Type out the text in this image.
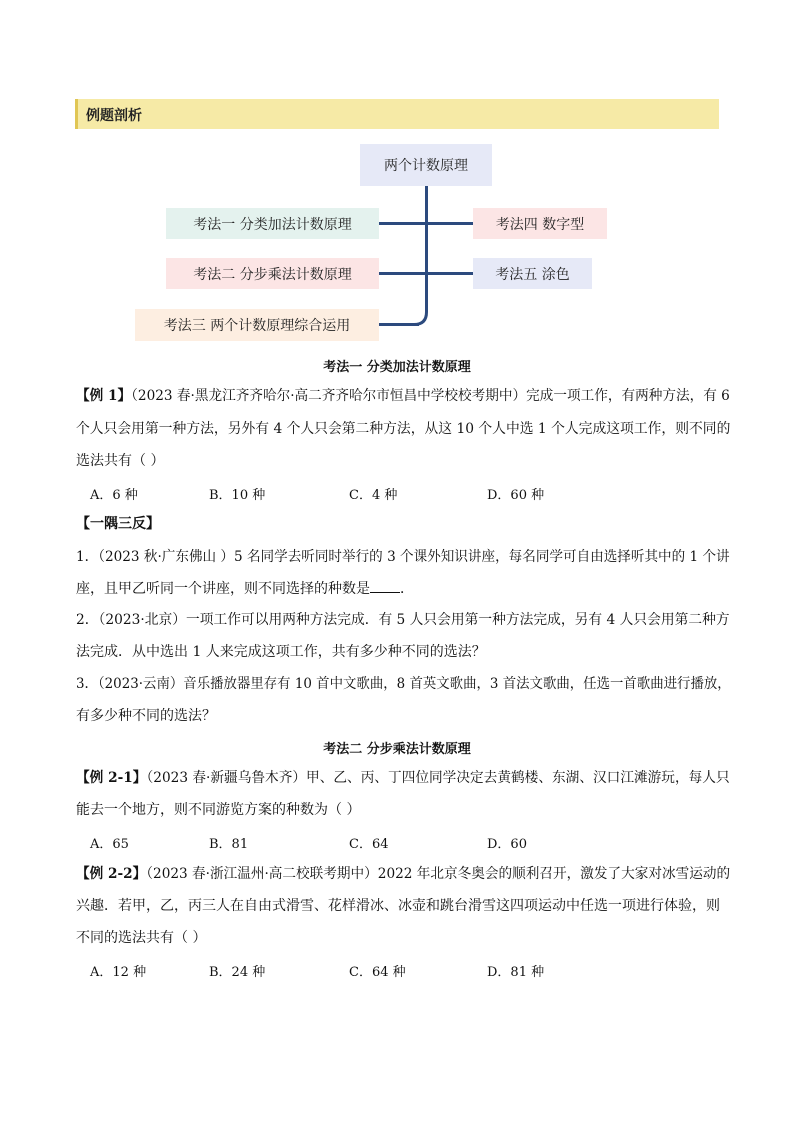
例题剖析
两个计数原理
考法一 分类加法计数原理
考法二 分步乘法计数原理
考法三 两个计数原理综合运用
考法四 数字型
考法五 涂色
考法一 分类加法计数原理
【例 1】（2023 春·黑龙江齐齐哈尔·高二齐齐哈尔市恒昌中学校校考期中）完成一项工作，有两种方法，有 6
个人只会用第一种方法，另外有 4 个人只会第二种方法，从这 10 个人中选 1 个人完成这项工作，则不同的
选法共有（ ）
A．6 种	B．10 种	C．4 种	D．60 种
【一隅三反】
1．（2023 秋·广东佛山 ）5 名同学去听同时举行的 3 个课外知识讲座，每名同学可自由选择听其中的 1 个讲
座，且甲乙听同一个讲座，则不同选择的种数是 ．
2．（2023·北京）一项工作可以用两种方法完成．有 5 人只会用第一种方法完成，另有 4 人只会用第二种方
法完成．从中选出 1 人来完成这项工作，共有多少种不同的选法？
3．（2023·云南）音乐播放器里存有 10 首中文歌曲，8 首英文歌曲，3 首法文歌曲，任选一首歌曲进行播放，
有多少种不同的选法？
考法二 分步乘法计数原理
【例 2-1】（2023 春·新疆乌鲁木齐）甲、乙、丙、丁四位同学决定去黄鹤楼、东湖、汉口江滩游玩，每人只
能去一个地方，则不同游览方案的种数为（ ）
A．65	B．81	C．64	D．60
【例 2-2】（2023 春·浙江温州·高二校联考期中）2022 年北京冬奥会的顺利召开，激发了大家对冰雪运动的
兴趣．若甲，乙，丙三人在自由式滑雪、花样滑冰、冰壶和跳台滑雪这四项运动中任选一项进行体验，则
不同的选法共有（ ）
A．12 种	B．24 种	C．64 种	D．81 种
